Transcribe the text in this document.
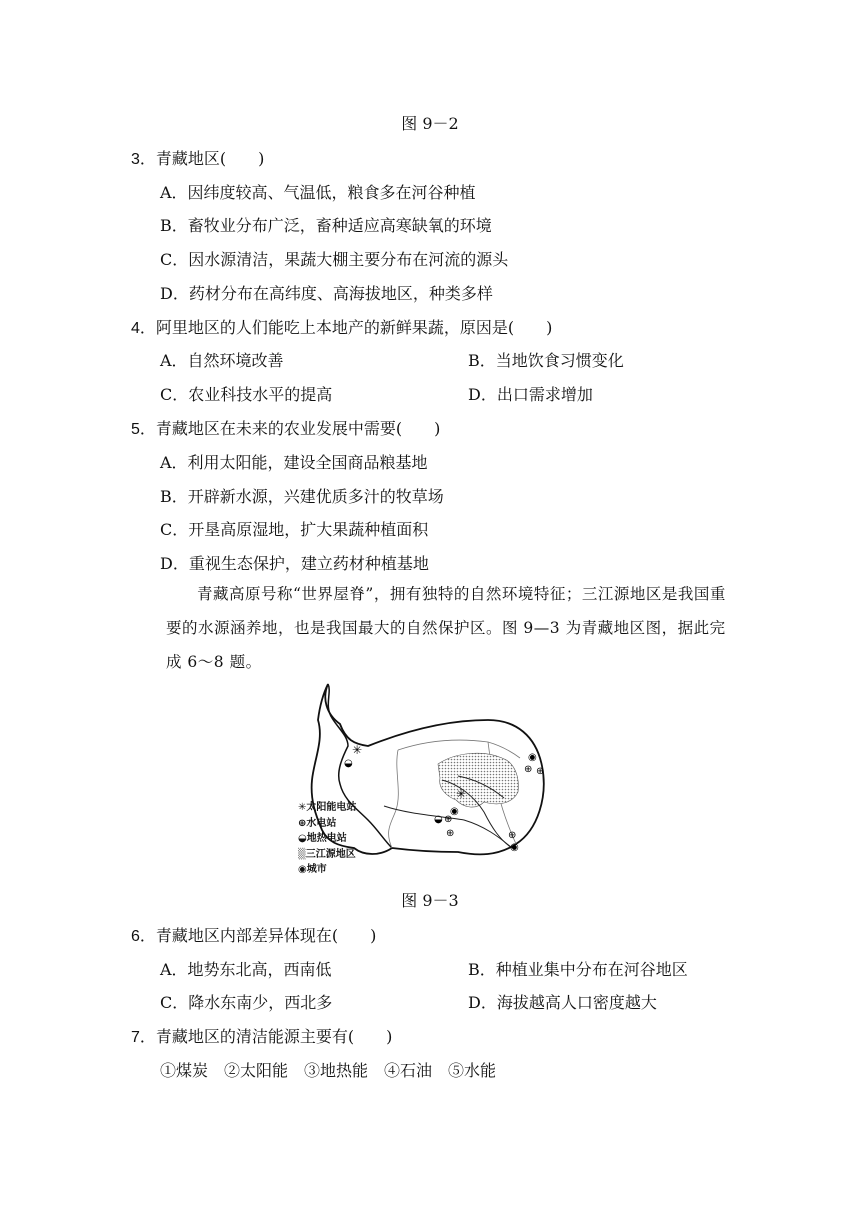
图 9－2
3．青藏地区(　　)
A．因纬度较高、气温低，粮食多在河谷种植
B．畜牧业分布广泛，畜种适应高寒缺氧的环境
C．因水源清洁，果蔬大棚主要分布在河流的源头
D．药材分布在高纬度、高海拔地区，种类多样
4．阿里地区的人们能吃上本地产的新鲜果蔬，原因是(　　)
A．自然环境改善	B．当地饮食习惯变化
C．农业科技水平的提高	D．出口需求增加
5．青藏地区在未来的农业发展中需要(　　)
A．利用太阳能，建设全国商品粮基地
B．开辟新水源，兴建优质多汁的牧草场
C．开垦高原湿地，扩大果蔬种植面积
D．重视生态保护，建立药材种植基地
青藏高原号称“世界屋脊”，拥有独特的自然环境特征；三江源地区是我国重要的水源涵养地，也是我国最大的自然保护区。图 9—3 为青藏地区图，据此完成 6～8 题。
✳
◒
✳
◒ ⊕
⊕
◉
◉
⊕ ⊕
⊕
◉
✳太阳能电站
⊕水电站
◒地热电站
▒三江源地区
◉城市
图 9－3
6．青藏地区内部差异体现在(　　)
A．地势东北高，西南低	B．种植业集中分布在河谷地区
C．降水东南少，西北多	D．海拔越高人口密度越大
7．青藏地区的清洁能源主要有(　　)
①煤炭　②太阳能　③地热能　④石油　⑤水能
